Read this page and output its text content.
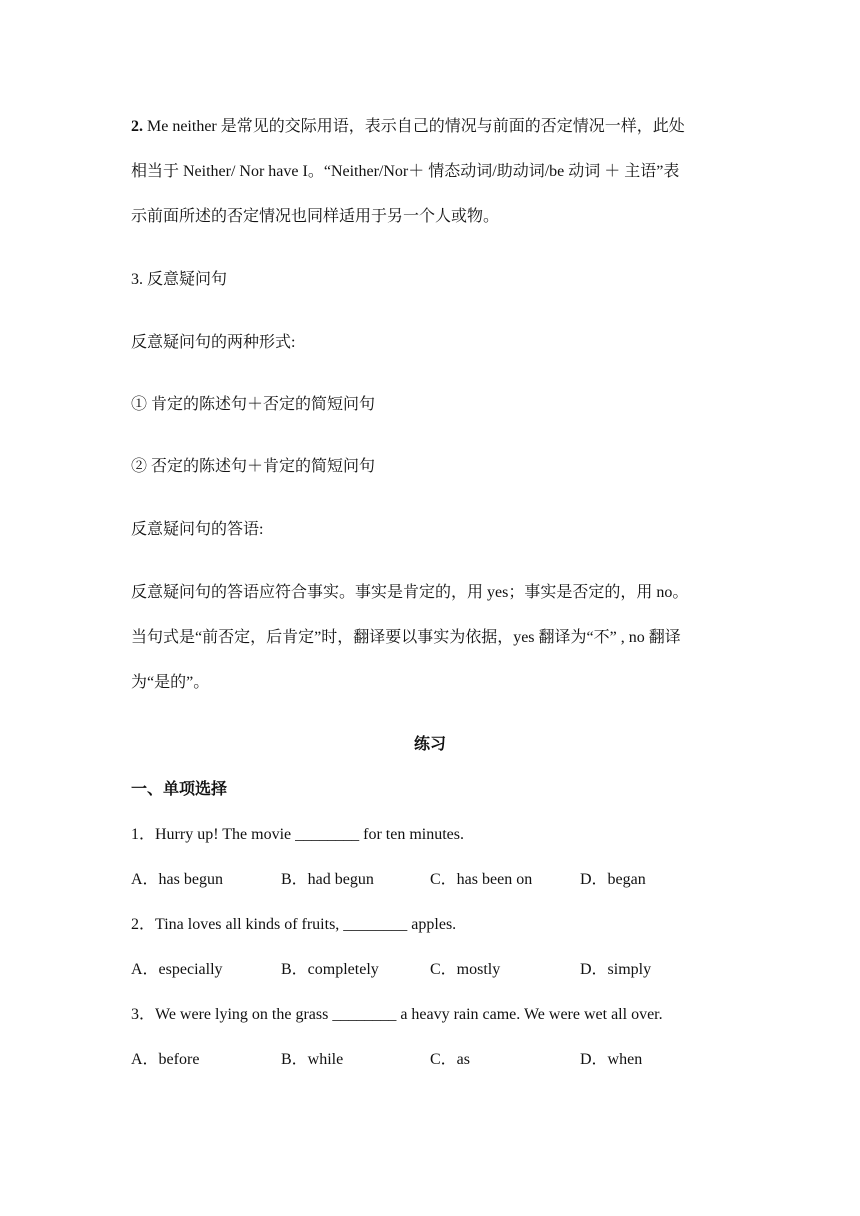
2. Me neither 是常见的交际用语，表示自己的情况与前面的否定情况一样，此处
相当于 Neither/ Nor have I。“Neither/Nor＋ 情态动词/助动词/be 动词 ＋ 主语”表
示前面所述的否定情况也同样适用于另一个人或物。
3. 反意疑问句
反意疑问句的两种形式:
① 肯定的陈述句＋否定的简短问句
② 否定的陈述句＋肯定的简短问句
反意疑问句的答语:
反意疑问句的答语应符合事实。事实是肯定的，用 yes；事实是否定的，用 no。
当句式是“前否定，后肯定”时，翻译要以事实为依据，yes 翻译为“不” , no 翻译
为“是的”。
练习
一、单项选择
1．Hurry up! The movie ________ for ten minutes.
A．has begun	B．had begun	C．has been on	D．began
2．Tina loves all kinds of fruits, ________ apples.
A．especially	B．completely	C．mostly	D．simply
3．We were lying on the grass ________ a heavy rain came. We were wet all over.
A．before	B．while	C．as	D．when
